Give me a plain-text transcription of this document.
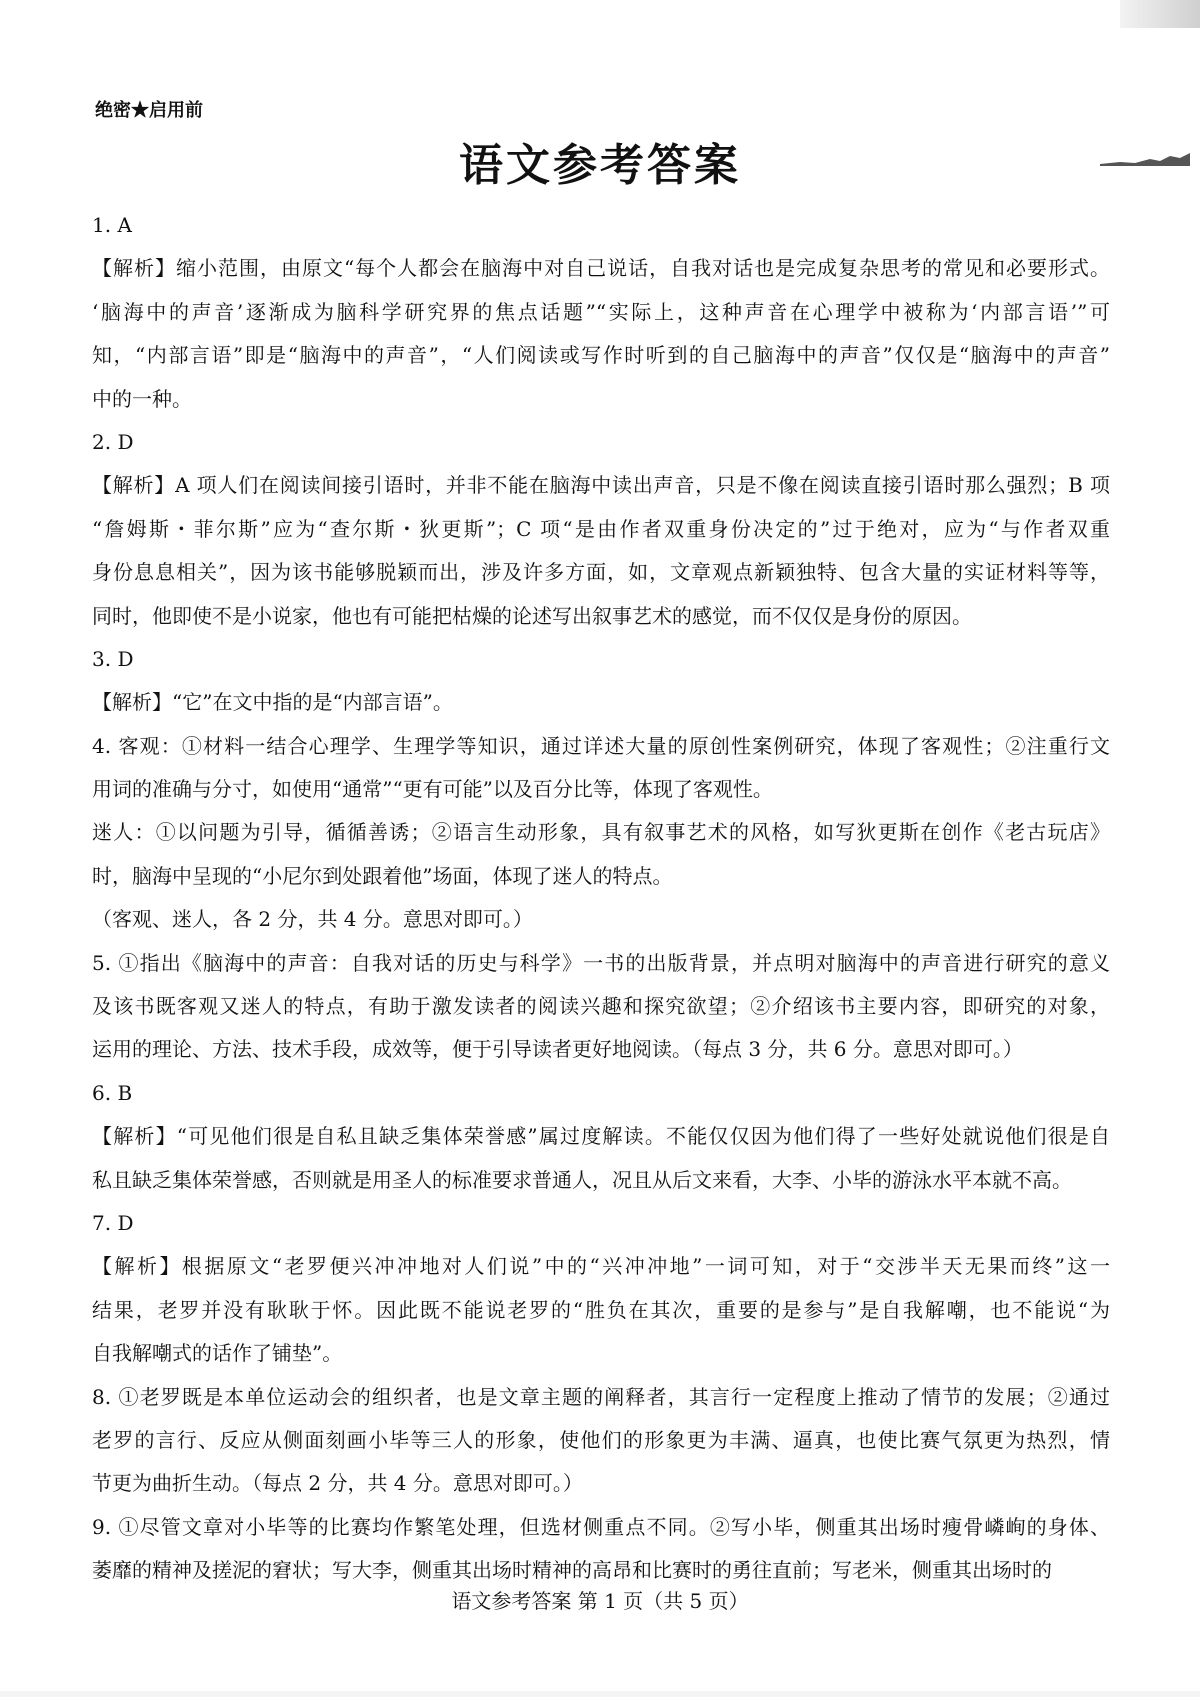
绝密★启用前
语文参考答案
1. A
【解析】缩小范围，由原文“每个人都会在脑海中对自己说话，自我对话也是完成复杂思考的常见和必要形式。
‘脑海中的声音’逐渐成为脑科学研究界的焦点话题”“实际上，这种声音在心理学中被称为‘内部言语’”可
知，“内部言语”即是“脑海中的声音”，“人们阅读或写作时听到的自己脑海中的声音”仅仅是“脑海中的声音”
中的一种。
2. D
【解析】A 项人们在阅读间接引语时，并非不能在脑海中读出声音，只是不像在阅读直接引语时那么强烈；B 项
“詹姆斯・菲尔斯”应为“查尔斯・狄更斯”；C 项“是由作者双重身份决定的”过于绝对，应为“与作者双重
身份息息相关”，因为该书能够脱颖而出，涉及许多方面，如，文章观点新颖独特、包含大量的实证材料等等，
同时，他即使不是小说家，他也有可能把枯燥的论述写出叙事艺术的感觉，而不仅仅是身份的原因。
3. D
【解析】“它”在文中指的是“内部言语”。
4. 客观：①材料一结合心理学、生理学等知识，通过详述大量的原创性案例研究，体现了客观性；②注重行文
用词的准确与分寸，如使用“通常”“更有可能”以及百分比等，体现了客观性。
迷人：①以问题为引导，循循善诱；②语言生动形象，具有叙事艺术的风格，如写狄更斯在创作《老古玩店》
时，脑海中呈现的“小尼尔到处跟着他”场面，体现了迷人的特点。
（客观、迷人，各 2 分，共 4 分。意思对即可。）
5. ①指出《脑海中的声音：自我对话的历史与科学》一书的出版背景，并点明对脑海中的声音进行研究的意义
及该书既客观又迷人的特点，有助于激发读者的阅读兴趣和探究欲望；②介绍该书主要内容，即研究的对象，
运用的理论、方法、技术手段，成效等，便于引导读者更好地阅读。（每点 3 分，共 6 分。意思对即可。）
6. B
【解析】“可见他们很是自私且缺乏集体荣誉感”属过度解读。不能仅仅因为他们得了一些好处就说他们很是自
私且缺乏集体荣誉感，否则就是用圣人的标准要求普通人，况且从后文来看，大李、小毕的游泳水平本就不高。
7. D
【解析】根据原文“老罗便兴冲冲地对人们说”中的“兴冲冲地”一词可知，对于“交涉半天无果而终”这一
结果，老罗并没有耿耿于怀。因此既不能说老罗的“胜负在其次，重要的是参与”是自我解嘲，也不能说“为
自我解嘲式的话作了铺垫”。
8. ①老罗既是本单位运动会的组织者，也是文章主题的阐释者，其言行一定程度上推动了情节的发展；②通过
老罗的言行、反应从侧面刻画小毕等三人的形象，使他们的形象更为丰满、逼真，也使比赛气氛更为热烈，情
节更为曲折生动。（每点 2 分，共 4 分。意思对即可。）
9. ①尽管文章对小毕等的比赛均作繁笔处理，但选材侧重点不同。②写小毕，侧重其出场时瘦骨嶙峋的身体、
萎靡的精神及搓泥的窘状；写大李，侧重其出场时精神的高昂和比赛时的勇往直前；写老米，侧重其出场时的
语文参考答案 第 1 页（共 5 页）
